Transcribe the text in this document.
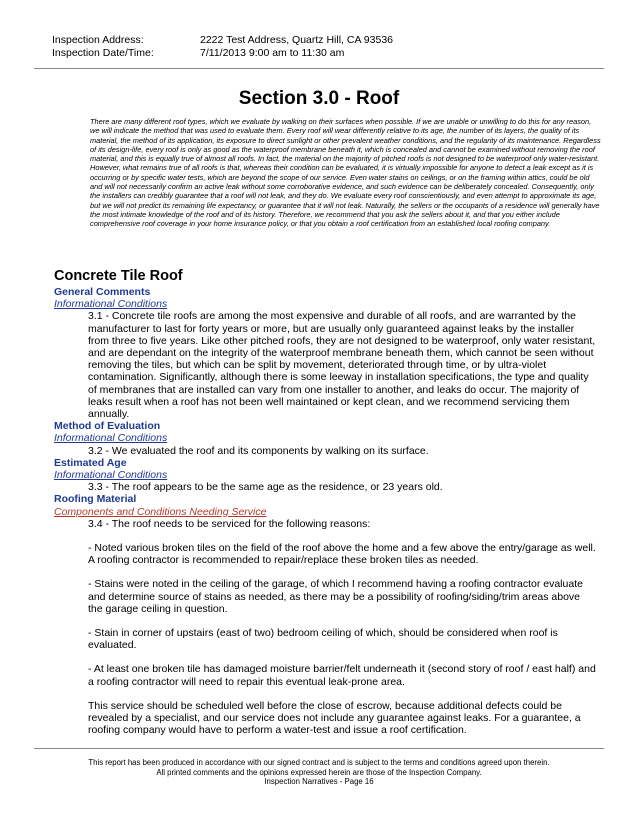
Inspection Address:	2222 Test Address, Quartz Hill, CA 93536
Inspection Date/Time:	7/11/2013 9:00 am to 11:30 am
Section 3.0 - Roof

There are many different roof types, which we evaluate by walking on their surfaces when possible. If we are unable or unwilling to do this for any reason, we will indicate the method that was used to evaluate them. Every roof will wear differently relative to its age, the number of its layers, the quality of its material, the method of its application, its exposure to direct sunlight or other prevalent weather conditions, and the regularity of its maintenance. Regardless of its design-life, every roof is only as good as the waterproof membrane beneath it, which is concealed and cannot be examined without removing the roof material, and this is equally true of almost all roofs. In fact, the material on the majority of pitched roofs is not designed to be waterproof only water-resistant. However, what remains true of all roofs is that, whereas their condition can be evaluated, it is virtually impossible for anyone to detect a leak except as it is occurring or by specific water tests, which are beyond the scope of our service. Even water stains on ceilings, or on the framing within attics, could be old and will not necessarily confirm an active leak without some corroborative evidence, and such evidence can be deliberately concealed. Consequently, only the installers can credibly guarantee that a roof will not leak, and they do. We evaluate every roof conscientiously, and even attempt to approximate its age, but we will not predict its remaining life expectancy, or guarantee that it will not leak. Naturally, the sellers or the occupants of a residence will generally have the most intimate knowledge of the roof and of its history. Therefore, we recommend that you ask the sellers about it, and that you either include comprehensive roof coverage in your home insurance policy, or that you obtain a roof certification from an established local roofing company.

Concrete Tile Roof
General Comments
Informational Conditions

3.1 - Concrete tile roofs are among the most expensive and durable of all roofs, and are warranted by the manufacturer to last for forty years or more, but are usually only guaranteed against leaks by the installer from three to five years. Like other pitched roofs, they are not designed to be waterproof, only water resistant, and are dependant on the integrity of the waterproof membrane beneath them, which cannot be seen without removing the tiles, but which can be split by movement, deteriorated through time, or by ultra-violet contamination. Significantly, although there is some leeway in installation specifications, the type and quality of membranes that are installed can vary from one installer to another, and leaks do occur. The majority of leaks result when a roof has not been well maintained or kept clean, and we recommend servicing them annually.

Method of Evaluation
Informational Conditions

3.2 - We evaluated the roof and its components by walking on its surface.

Estimated Age
Informational Conditions

3.3 - The roof appears to be the same age as the residence, or 23 years old.

Roofing Material
Components and Conditions Needing Service

3.4 - The roof needs to be serviced for the following reasons:

- Noted various broken tiles on the field of the roof above the home and a few above the entry/garage as well. A roofing contractor is recommended to repair/replace these broken tiles as needed.

- Stains were noted in the ceiling of the garage, of which I recommend having a roofing contractor evaluate and determine source of stains as needed, as there may be a possibility of roofing/siding/trim areas above the garage ceiling in question.

- Stain in corner of upstairs (east of two) bedroom ceiling of which, should be considered when roof is evaluated.

- At least one broken tile has damaged moisture barrier/felt underneath it (second story of roof / east half) and a roofing contractor will need to repair this eventual leak-prone area.

This service should be scheduled well before the close of escrow, because additional defects could be revealed by a specialist, and our service does not include any guarantee against leaks. For a guarantee, a roofing company would have to perform a water-test and issue a roof certification.

This report has been produced in accordance with our signed contract and is subject to the terms and conditions agreed upon therein.
All printed comments and the opinions expressed herein are those of the Inspection Company.
Inspection Narratives - Page 16
